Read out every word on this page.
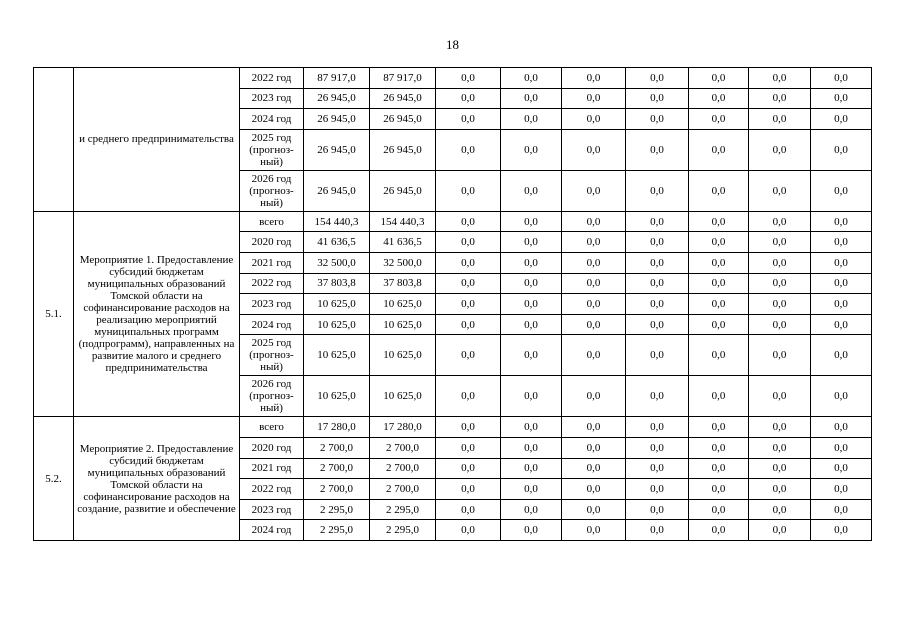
18
	и среднего предпринимательства	2022 год	87 917,0	87 917,0	0,0	0,0	0,0	0,0	0,0	0,0	0,0
		2023 год	26 945,0	26 945,0	0,0	0,0	0,0	0,0	0,0	0,0	0,0
		2024 год	26 945,0	26 945,0	0,0	0,0	0,0	0,0	0,0	0,0	0,0
		2025 год (прогноз-ный)	26 945,0	26 945,0	0,0	0,0	0,0	0,0	0,0	0,0	0,0
		2026 год (прогноз-ный)	26 945,0	26 945,0	0,0	0,0	0,0	0,0	0,0	0,0	0,0
5.1.	Мероприятие 1. Предоставление субсидий бюджетам муниципальных образований Томской области на софинансирование расходов на реализацию мероприятий муниципальных программ (подпрограмм), направленных на развитие малого и среднего предпринимательства	всего	154 440,3	154 440,3	0,0	0,0	0,0	0,0	0,0	0,0	0,0
		2020 год	41 636,5	41 636,5	0,0	0,0	0,0	0,0	0,0	0,0	0,0
		2021 год	32 500,0	32 500,0	0,0	0,0	0,0	0,0	0,0	0,0	0,0
		2022 год	37 803,8	37 803,8	0,0	0,0	0,0	0,0	0,0	0,0	0,0
		2023 год	10 625,0	10 625,0	0,0	0,0	0,0	0,0	0,0	0,0	0,0
		2024 год	10 625,0	10 625,0	0,0	0,0	0,0	0,0	0,0	0,0	0,0
		2025 год (прогноз-ный)	10 625,0	10 625,0	0,0	0,0	0,0	0,0	0,0	0,0	0,0
		2026 год (прогноз-ный)	10 625,0	10 625,0	0,0	0,0	0,0	0,0	0,0	0,0	0,0
5.2.	Мероприятие 2. Предоставление субсидий бюджетам муниципальных образований Томской области на софинансирование расходов на создание, развитие и обеспечение	всего	17 280,0	17 280,0	0,0	0,0	0,0	0,0	0,0	0,0	0,0
		2020 год	2 700,0	2 700,0	0,0	0,0	0,0	0,0	0,0	0,0	0,0
		2021 год	2 700,0	2 700,0	0,0	0,0	0,0	0,0	0,0	0,0	0,0
		2022 год	2 700,0	2 700,0	0,0	0,0	0,0	0,0	0,0	0,0	0,0
		2023 год	2 295,0	2 295,0	0,0	0,0	0,0	0,0	0,0	0,0	0,0
		2024 год	2 295,0	2 295,0	0,0	0,0	0,0	0,0	0,0	0,0	0,0
